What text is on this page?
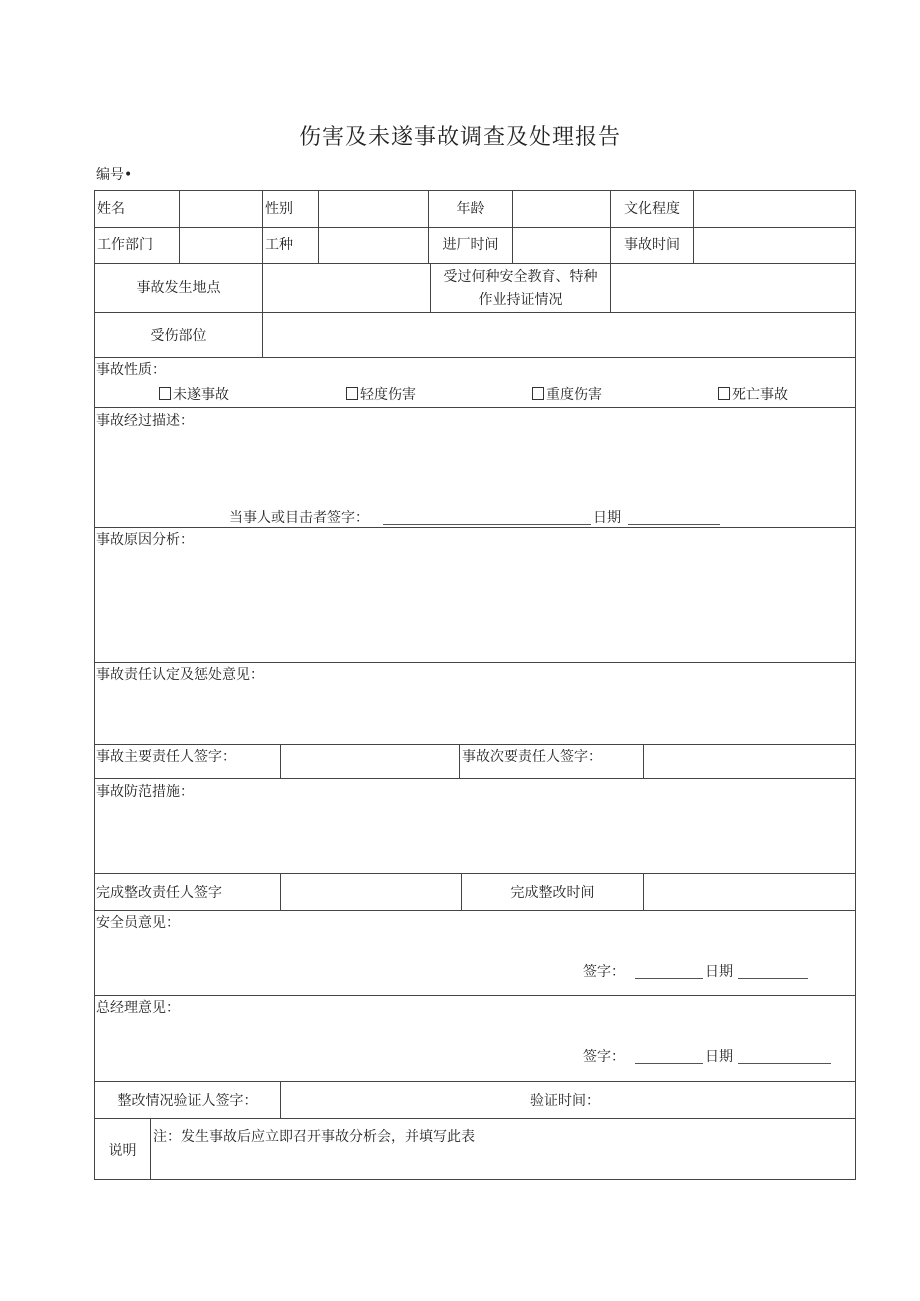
伤害及未遂事故调查及处理报告
编号•
姓名	性别	年龄	文化程度
工作部门	工种	进厂时间	事故时间
事故发生地点
受过何种安全教育、特种
作业持证情况
受伤部位
事故性质：
未遂事故	轻度伤害	重度伤害	死亡事故
事故经过描述：
当事人或目击者签字：	日期
事故原因分析：
事故责任认定及惩处意见：
事故主要责任人签字：	事故次要责任人签字：
事故防范措施：
完成整改责任人签字	完成整改时间
安全员意见：
签字：	日期
总经理意见：
签字：	日期
整改情况验证人签字：	验证时间：
说明
注：发生事故后应立即召开事故分析会，并填写此表
